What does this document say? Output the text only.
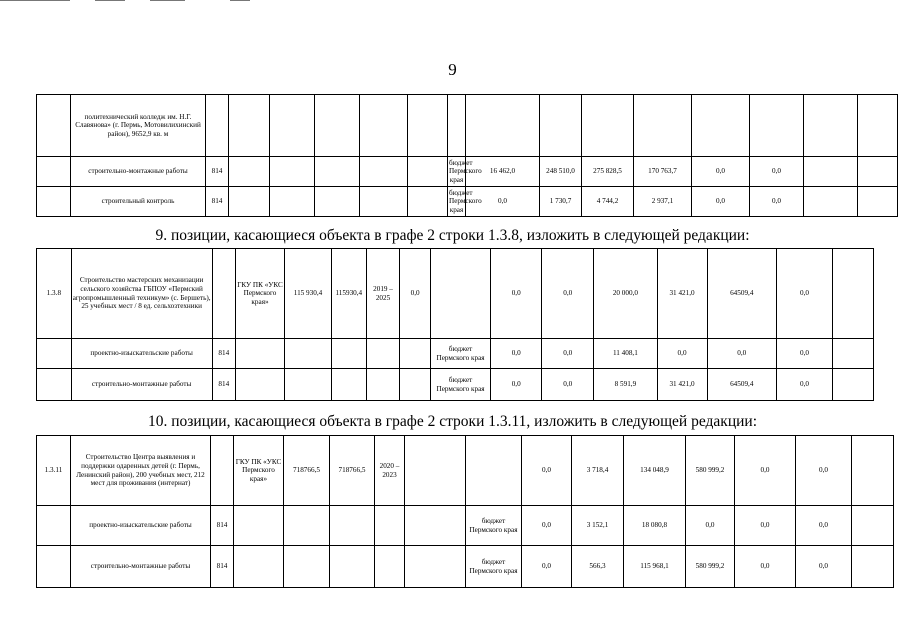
9
	политехнический колледж им. Н.Г. Славянова» (г. Пермь, Мотовилихинский район), 9652,9 кв. м															
	строительно-монтажные работы	814						бюджет Пермского края	16 462,0	248 510,0	275 828,5	170 763,7	0,0	0,0		
	строительный контроль	814						бюджет Пермского края	0,0	1 730,7	4 744,2	2 937,1	0,0	0,0		
9. позиции, касающиеся объекта в графе 2 строки 1.3.8, изложить в следующей редакции:
1.3.8	Строительство мастерских механизации сельского хозяйства ГБПОУ «Пермский агропромышленный техникум» (с. Бершеть), 25 учебных мест / 8 ед. сельхозтехники		ГКУ ПК «УКС Пермского края»	115 930,4	115930,4	2019 – 2025	0,0		0,0	0,0	20 000,0	31 421,0	64509,4	0,0	
	проектно-изыскательские работы	814						бюджет Пермского края	0,0	0,0	11 408,1	0,0	0,0	0,0	
	строительно-монтажные работы	814						бюджет Пермского края	0,0	0,0	8 591,9	31 421,0	64509,4	0,0	
10. позиции, касающиеся объекта в графе 2 строки 1.3.11, изложить в следующей редакции:
1.3.11	Строительство Центра выявления и поддержки одаренных детей (г. Пермь, Ленинский район), 200 учебных мест, 212 мест для проживания (интернат)		ГКУ ПК «УКС Пермского края»	718766,5	718766,5	2020 – 2023			0,0	3 718,4	134 048,9	580 999,2	0,0	0,0	
	проектно-изыскательские работы	814						бюджет Пермского края	0,0	3 152,1	18 080,8	0,0	0,0	0,0	
	строительно-монтажные работы	814						бюджет Пермского края	0,0	566,3	115 968,1	580 999,2	0,0	0,0	
